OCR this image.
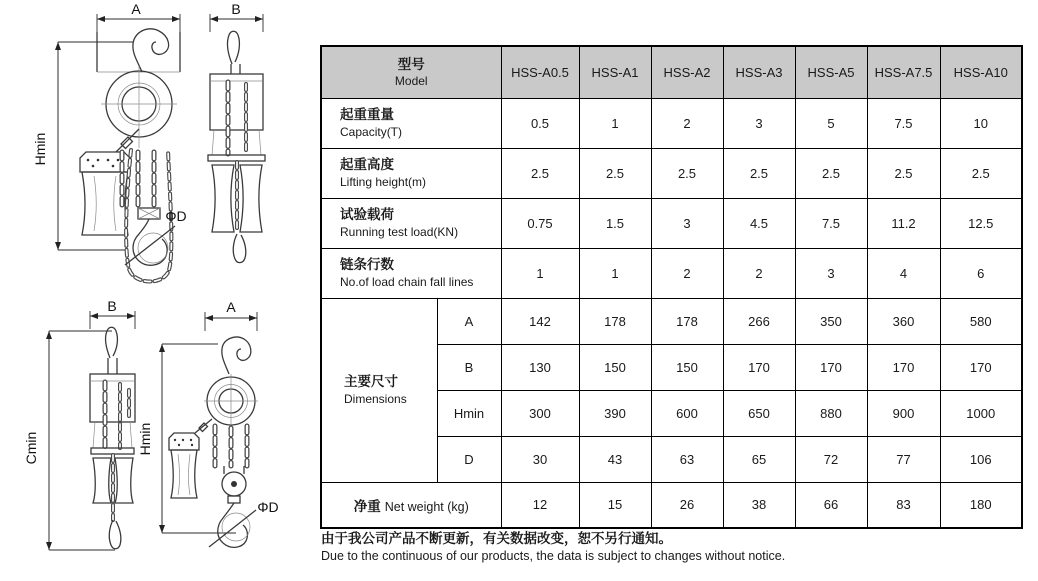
A
Hmin
ΦD
B
B
Cmin
A
Hmin
ΦD
型号
Model		HSS-A0.5	HSS-A1	HSS-A2	HSS-A3	HSS-A5	HSS-A7.5	HSS-A10

起重重量
Capacity(T)		0.5	1	2	3	5	7.5	10

起重高度
Lifting height(m)		2.5	2.5	2.5	2.5	2.5	2.5	2.5

试验载荷
Running test load(KN)		0.75	1.5	3	4.5	7.5	11.2	12.5

链条行数
No.of load chain fall lines		1	1	2	2	3	4	6

主要尺寸
Dimensions	A	142	178	178	266	350	360	580
	B	130	150	150	170	170	170	170
	Hmin	300	390	600	650	880	900	1000
	D	30	43	63	65	72	77	106
净重 Net weight (kg)		12	15	26	38	66	83	180
由于我公司产品不断更新，有关数据改变，恕不另行通知。
Due to the continuous of our products, the data is subject to changes without notice.
